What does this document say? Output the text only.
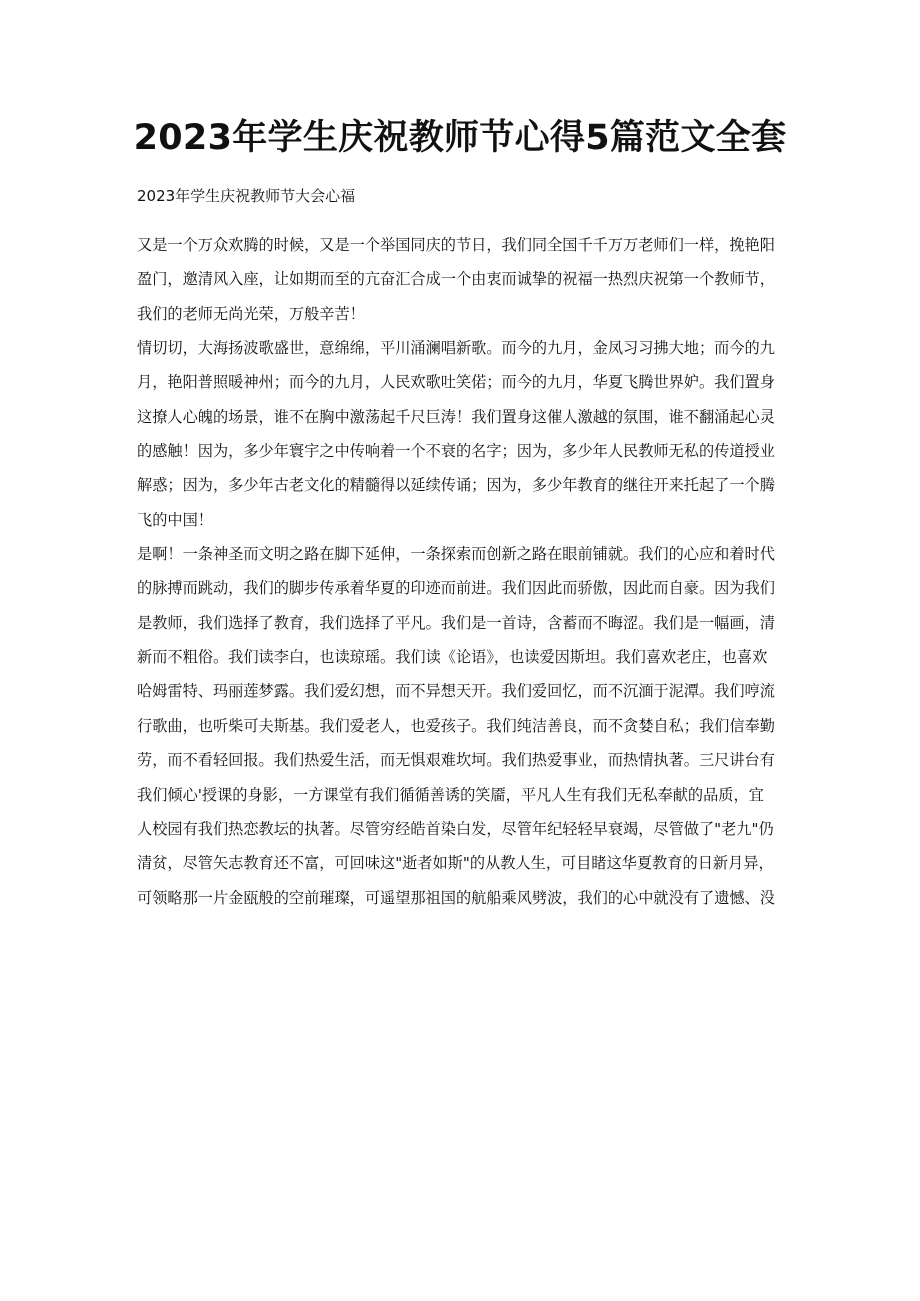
2023年学生庆祝教师节心得5篇范文全套

2023年学生庆祝教师节大会心福

又是一个万众欢腾的时候，又是一个举国同庆的节日，我们同全国千千万万老师们一样，挽艳阳
盈门，邀清风入座，让如期而至的亢奋汇合成一个由衷而诚挚的祝福一热烈庆祝第一个教师节，
我们的老师无尚光荣，万般辛苦！
情切切，大海扬波歌盛世，意绵绵，平川涌澜唱新歌。而今的九月，金凤习习拂大地；而今的九
月，艳阳普照暖神州；而今的九月，人民欢歌吐笑偌；而今的九月，华夏飞腾世界妒。我们置身
这撩人心魄的场景，谁不在胸中激荡起千尺巨涛！我们置身这催人激越的氛围，谁不翻涌起心灵
的感触！因为，多少年寰宇之中传响着一个不衰的名字；因为，多少年人民教师无私的传道授业
解惑；因为，多少年古老文化的精髓得以延续传诵；因为，多少年教育的继往开来托起了一个腾
飞的中国！
是啊！一条神圣而文明之路在脚下延伸，一条探索而创新之路在眼前铺就。我们的心应和着时代
的脉搏而跳动，我们的脚步传承着华夏的印迹而前进。我们因此而骄傲，因此而自豪。因为我们
是教师，我们选择了教育，我们选择了平凡。我们是一首诗，含蓄而不晦涩。我们是一幅画，清
新而不粗俗。我们读李白，也读琼瑶。我们读《论语》，也读爱因斯坦。我们喜欢老庄，也喜欢
哈姆雷特、玛丽莲梦露。我们爱幻想，而不异想天开。我们爱回忆，而不沉湎于泥潭。我们哼流
行歌曲，也听柴可夫斯基。我们爱老人，也爱孩子。我们纯洁善良，而不贪婪自私；我们信奉勤
劳，而不看轻回报。我们热爱生活，而无惧艰难坎坷。我们热爱事业，而热情执著。三尺讲台有
我们倾心'授课的身影，一方课堂有我们循循善诱的笑靥，平凡人生有我们无私奉献的品质，宜
人校园有我们热恋教坛的执著。尽管穷经皓首染白发，尽管年纪轻轻早衰竭，尽管做了"老九"仍
清贫，尽管矢志教育还不富，可回味这"逝者如斯"的从教人生，可目睹这华夏教育的日新月异，
可领略那一片金瓯般的空前璀璨，可遥望那祖国的航船乘风劈波，我们的心中就没有了遗憾、没
